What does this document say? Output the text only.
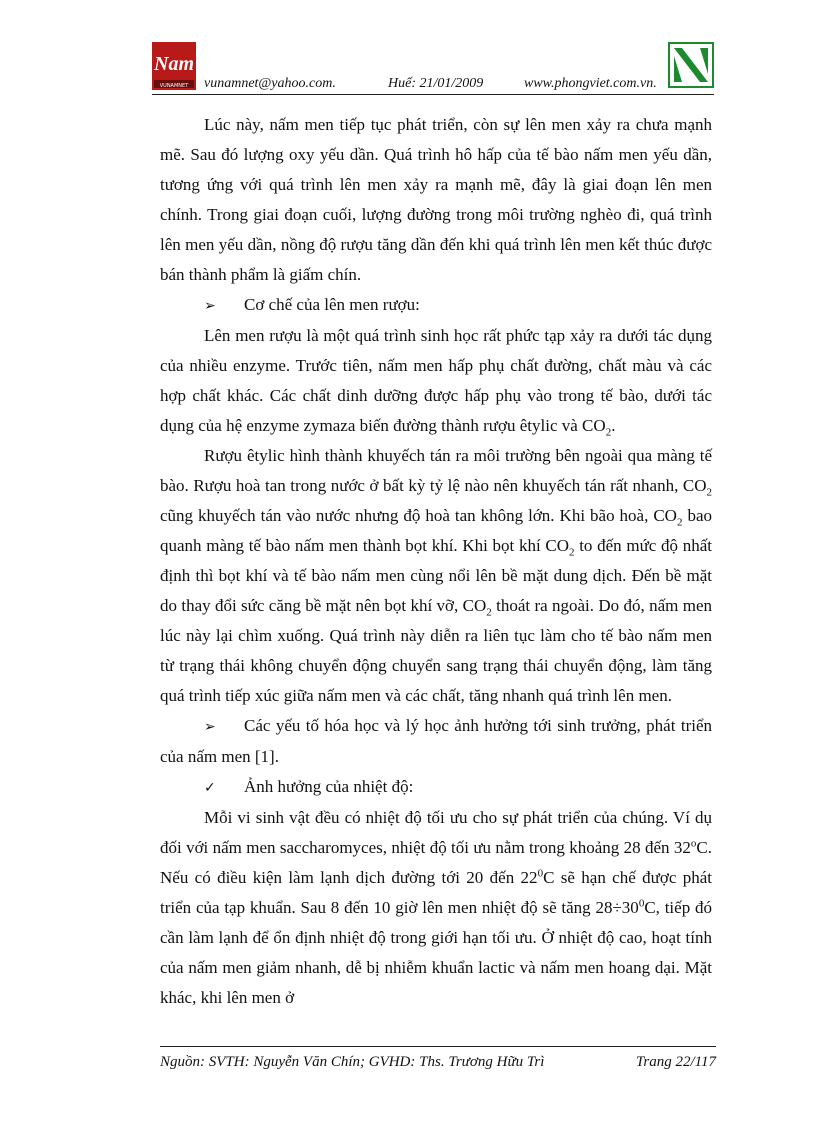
Nam
VUNAMNET vunamnet@yahoo.com.	Huế: 21/01/2009	www.phongviet.com.vn.

Lúc này, nấm men tiếp tục phát triển, còn sự lên men xảy ra chưa mạnh mẽ. Sau đó lượng oxy yếu dần. Quá trình hô hấp của tế bào nấm men yếu dần, tương ứng với quá trình lên men xảy ra mạnh mẽ, đây là giai đoạn lên men chính. Trong giai đoạn cuối, lượng đường trong môi trường nghèo đi, quá trình lên men yếu dần, nồng độ rượu tăng dần đến khi quá trình lên men kết thúc được bán thành phẩm là giấm chín.

➢ Cơ chế của lên men rượu:

Lên men rượu là một quá trình sinh học rất phức tạp xảy ra dưới tác dụng của nhiều enzyme. Trước tiên, nấm men hấp phụ chất đường, chất màu và các hợp chất khác. Các chất dinh dưỡng được hấp phụ vào trong tế bào, dưới tác dụng của hệ enzyme zymaza biến đường thành rượu êtylic và $CO_2$.

Rượu êtylic hình thành khuyếch tán ra môi trường bên ngoài qua màng tế bào. Rượu hoà tan trong nước ở bất kỳ tỷ lệ nào nên khuyếch tán rất nhanh, $CO_2$ cũng khuyếch tán vào nước nhưng độ hoà tan không lớn. Khi bão hoà, $CO_2$ bao quanh màng tế bào nấm men thành bọt khí. Khi bọt khí $CO_2$ to đến mức độ nhất định thì bọt khí và tế bào nấm men cùng nổi lên bề mặt dung dịch. Đến bề mặt do thay đổi sức căng bề mặt nên bọt khí vỡ, $CO_2$ thoát ra ngoài. Do đó, nấm men lúc này lại chìm xuống. Quá trình này diễn ra liên tục làm cho tế bào nấm men từ trạng thái không chuyển động chuyển sang trạng thái chuyển động, làm tăng quá trình tiếp xúc giữa nấm men và các chất, tăng nhanh quá trình lên men.

➢ Các yếu tố hóa học và lý học ảnh hưởng tới sinh trưởng, phát triển của nấm men [1].

✓ Ảnh hưởng của nhiệt độ:

Mỗi vi sinh vật đều có nhiệt độ tối ưu cho sự phát triển của chúng. Ví dụ đối với nấm men saccharomyces, nhiệt độ tối ưu nằm trong khoảng 28 đến 32$^o$C. Nếu có điều kiện làm lạnh dịch đường tới 20 đến $22^0C$ sẽ hạn chế được phát triển của tạp khuẩn. Sau 8 đến 10 giờ lên men nhiệt độ sẽ tăng $28\div 30^0C$, tiếp đó cần làm lạnh để ổn định nhiệt độ trong giới hạn tối ưu. Ở nhiệt độ cao, hoạt tính của nấm men giảm nhanh, dễ bị nhiễm khuẩn lactic và nấm men hoang dại. Mặt khác, khi lên men ở

Nguồn: SVTH: Nguyễn Văn Chín; GVHD: Ths. Trương Hữu Trì	Trang 22/117
